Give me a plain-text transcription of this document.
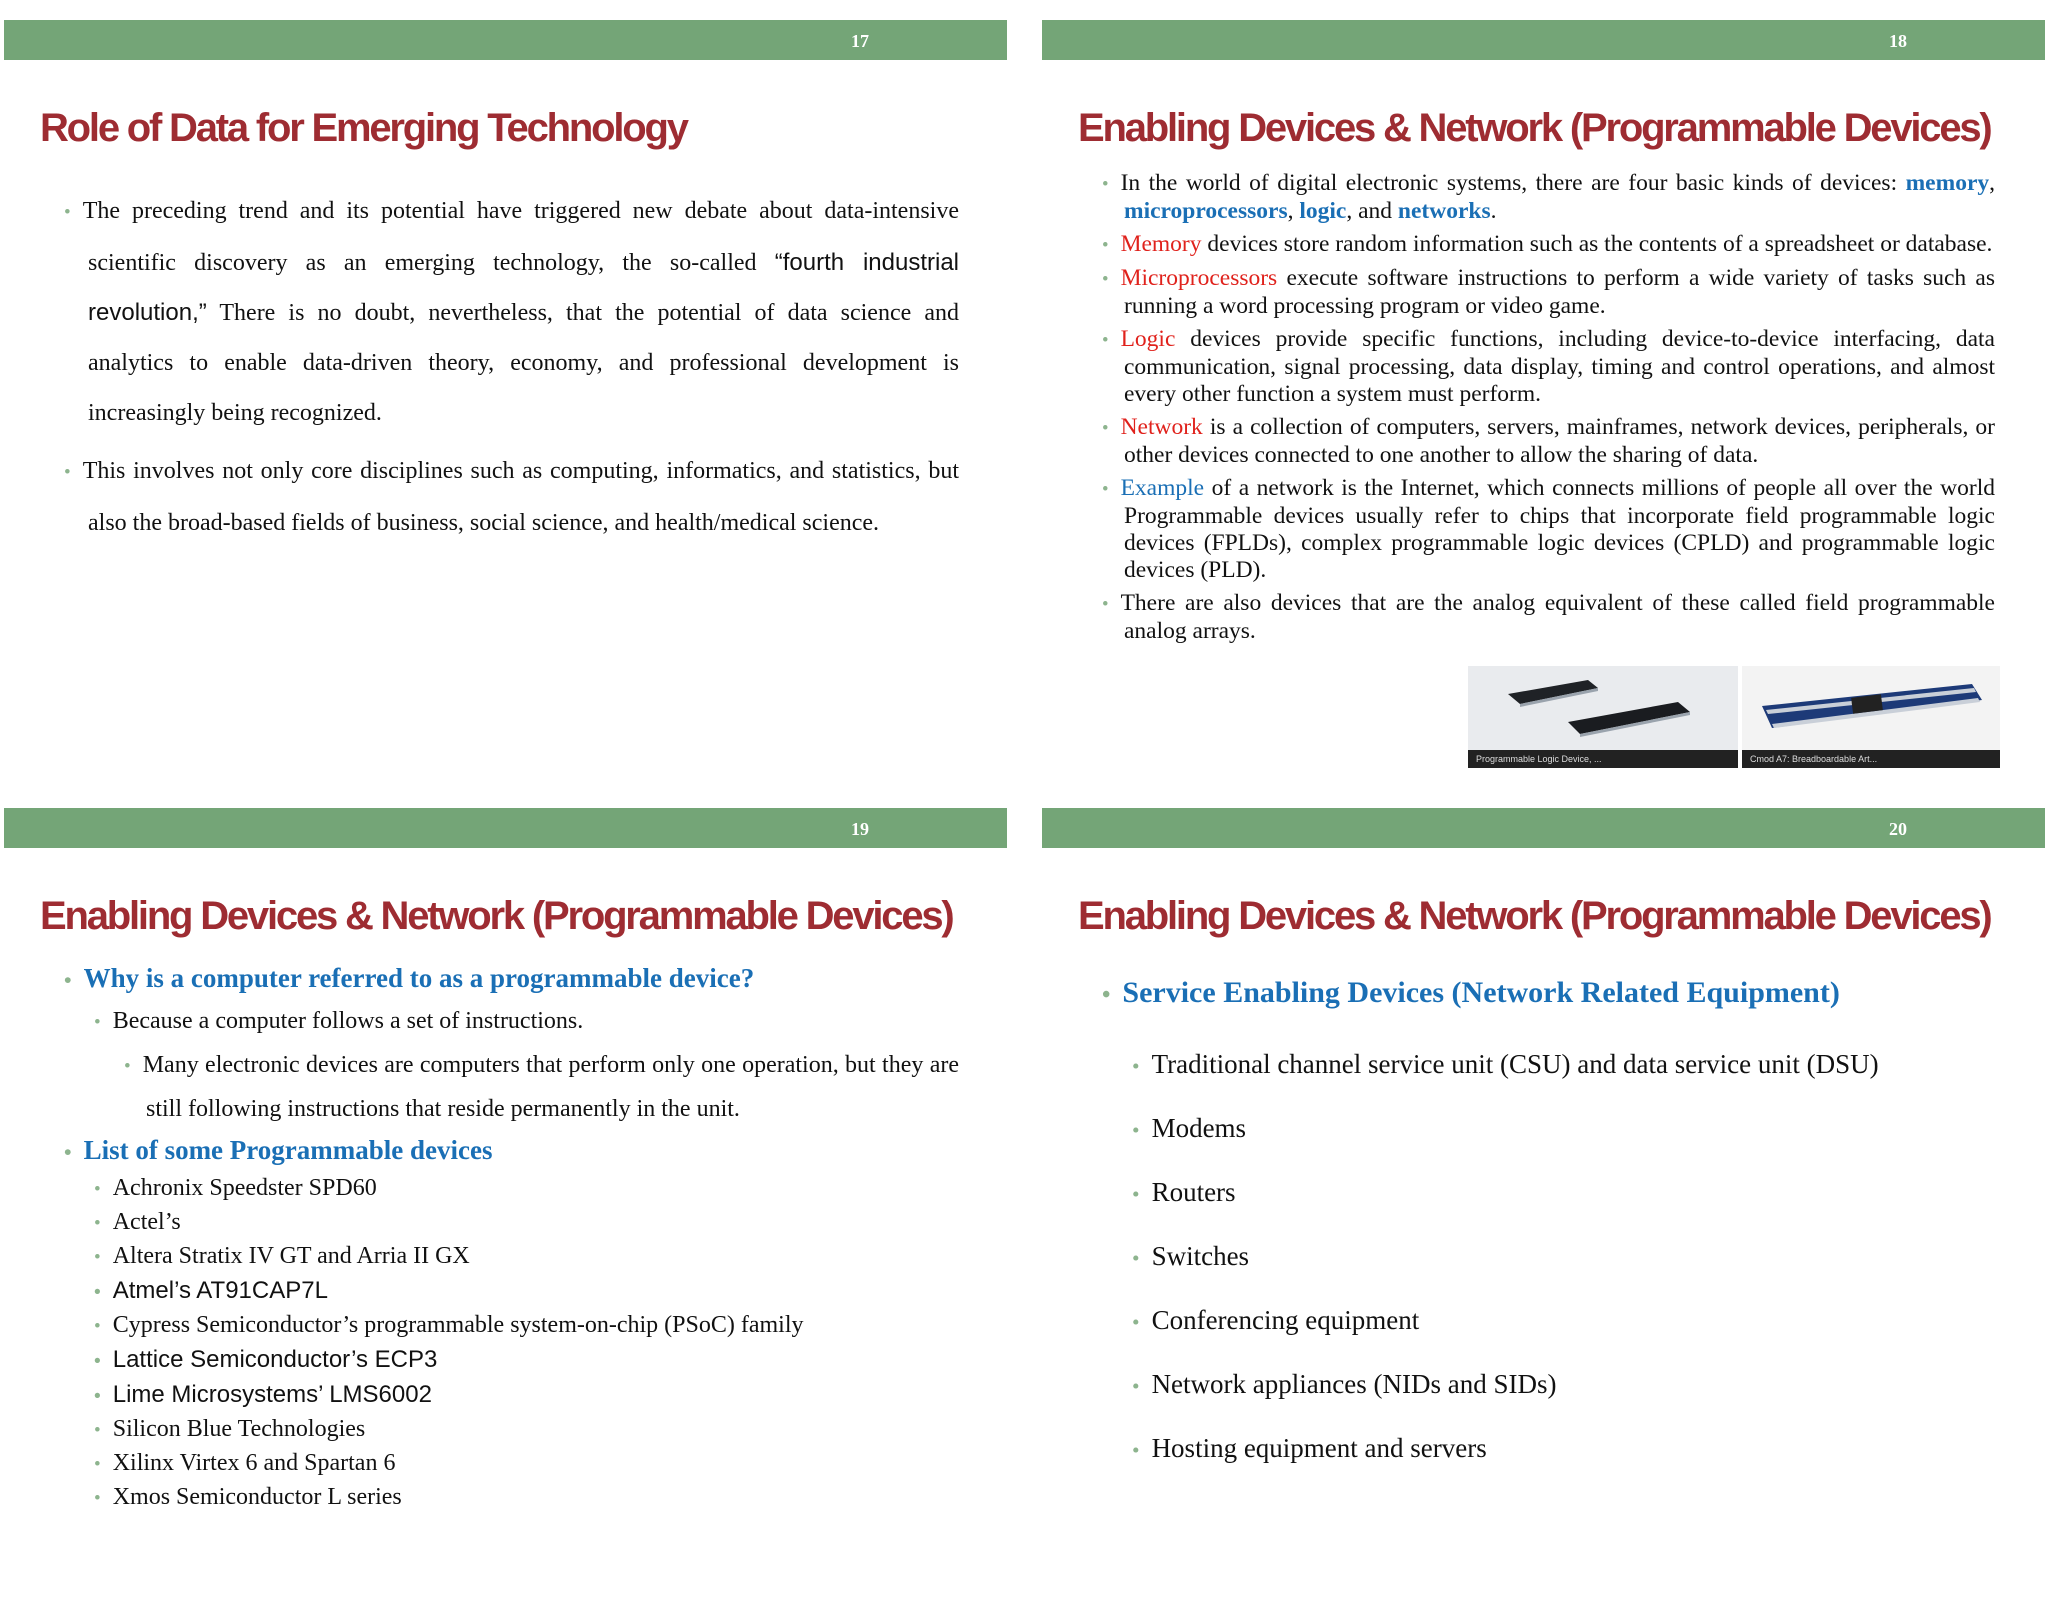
17
Role of Data for Emerging Technology
• The preceding trend and its potential have triggered new debate about data-intensive scientific discovery as an emerging technology, the so-called “fourth industrial revolution,” There is no doubt, nevertheless, that the potential of data science and analytics to enable data-driven theory, economy, and professional development is increasingly being recognized.
• This involves not only core disciplines such as computing, informatics, and statistics, but also the broad-based fields of business, social science, and health/medical science.
18
Enabling Devices & Network (Programmable Devices)
• In the world of digital electronic systems, there are four basic kinds of devices: memory, microprocessors, logic, and networks.
• Memory devices store random information such as the contents of a spreadsheet or database.
• Microprocessors execute software instructions to perform a wide variety of tasks such as running a word processing program or video game.
• Logic devices provide specific functions, including device-to-device interfacing, data communication, signal processing, data display, timing and control operations, and almost every other function a system must perform.
• Network is a collection of computers, servers, mainframes, network devices, peripherals, or other devices connected to one another to allow the sharing of data.
• Example of a network is the Internet, which connects millions of people all over the world Programmable devices usually refer to chips that incorporate field programmable logic devices (FPLDs), complex programmable logic devices (CPLD) and programmable logic devices (PLD).
• There are also devices that are the analog equivalent of these called field programmable analog arrays.
Programmable Logic Device, ...	Cmod A7: Breadboardable Art...
19
Enabling Devices & Network (Programmable Devices)
• Why is a computer referred to as a programmable device?
• Because a computer follows a set of instructions.
• Many electronic devices are computers that perform only one operation, but they are still following instructions that reside permanently in the unit.
• List of some Programmable devices
• Achronix Speedster SPD60
• Actel’s
• Altera Stratix IV GT and Arria II GX
• Atmel’s AT91CAP7L
• Cypress Semiconductor’s programmable system-on-chip (PSoC) family
• Lattice Semiconductor’s ECP3
• Lime Microsystems’ LMS6002
• Silicon Blue Technologies
• Xilinx Virtex 6 and Spartan 6
• Xmos Semiconductor L series
20
Enabling Devices & Network (Programmable Devices)
• Service Enabling Devices (Network Related Equipment)
• Traditional channel service unit (CSU) and data service unit (DSU)
• Modems
• Routers
• Switches
• Conferencing equipment
• Network appliances (NIDs and SIDs)
• Hosting equipment and servers
